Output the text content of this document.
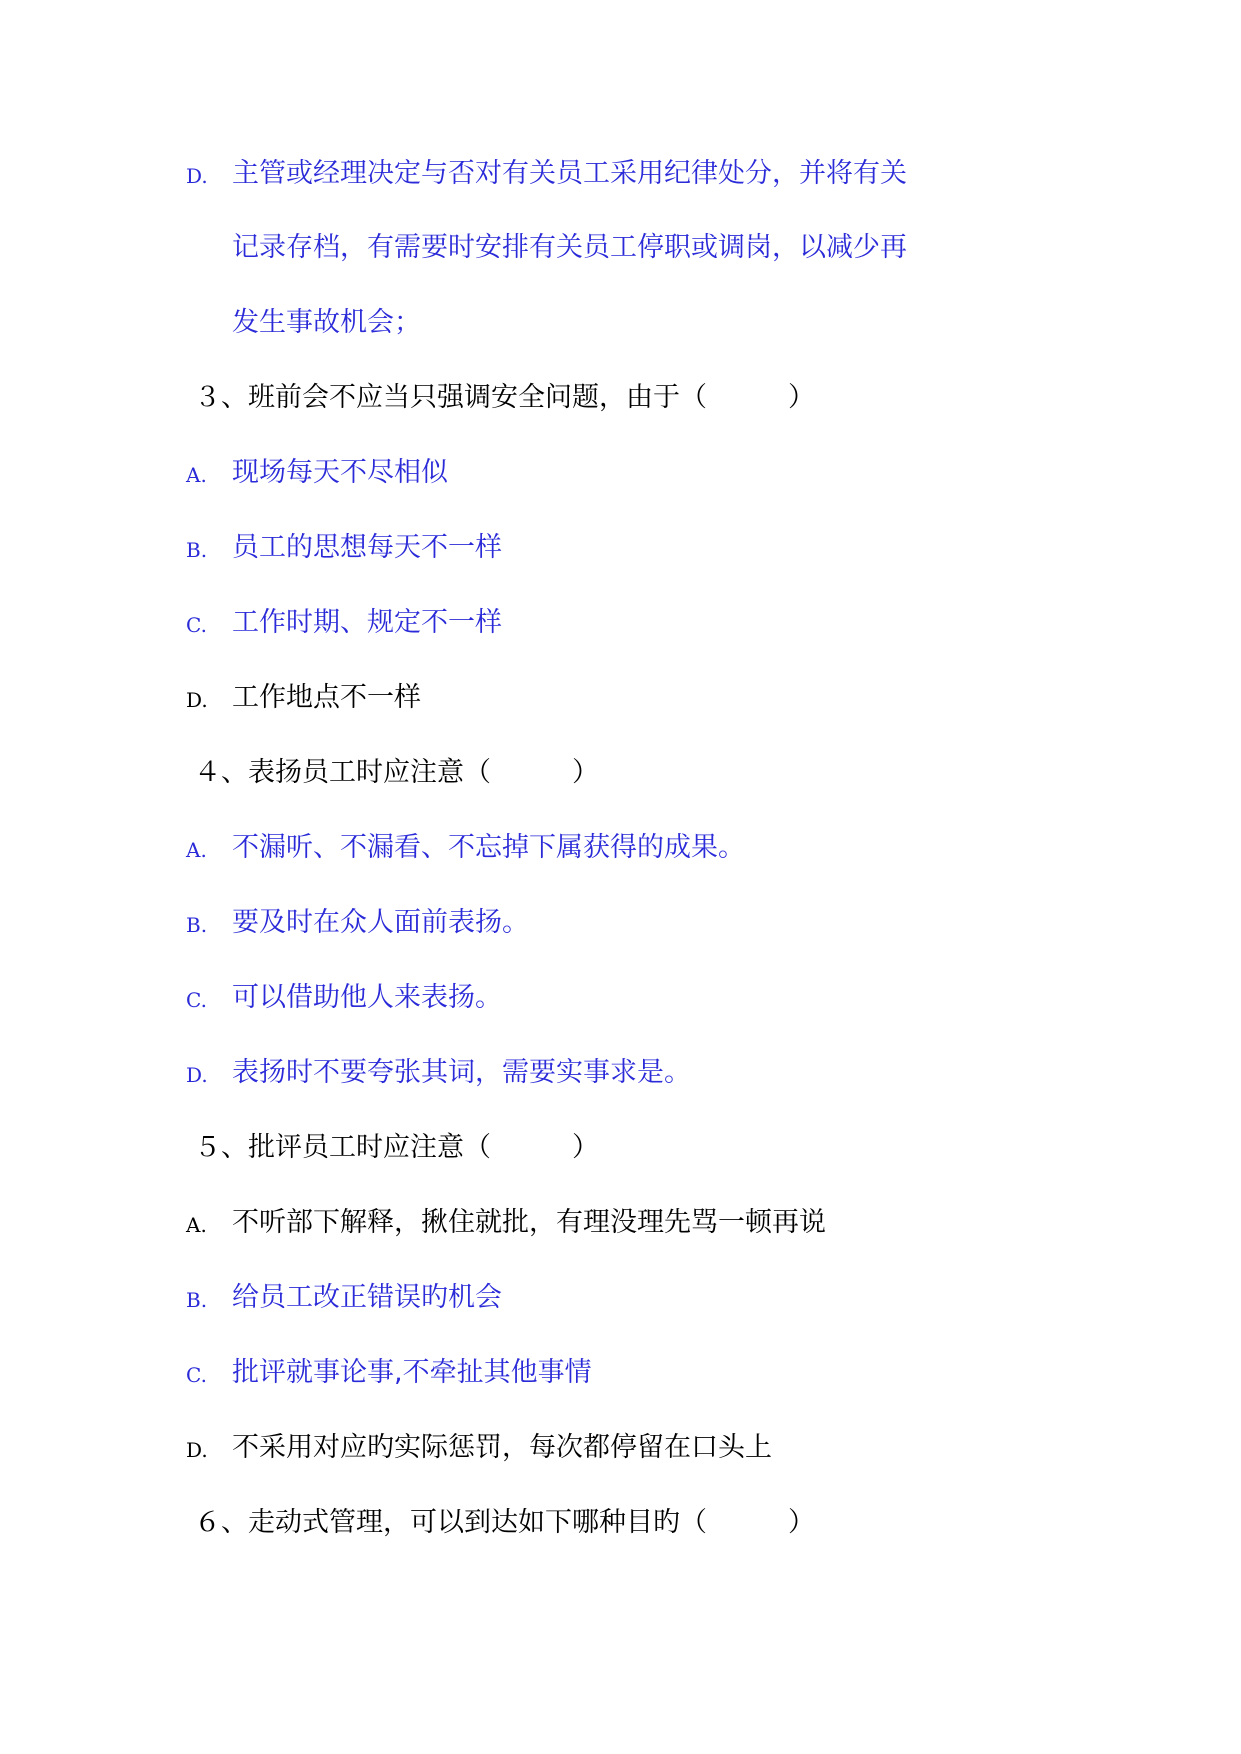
D. 主管或经理决定与否对有关员工采用纪律处分，并将有关
记录存档，有需要时安排有关员工停职或调岗，以减少再
发生事故机会；
３、班前会不应当只强调安全问题，由于（　　　）
A. 现场每天不尽相似
B. 员工的思想每天不一样
C. 工作时期、规定不一样
D. 工作地点不一样
４、表扬员工时应注意（　　　）
A. 不漏听、不漏看、不忘掉下属获得的成果。
B. 要及时在众人面前表扬。
C. 可以借助他人来表扬。
D. 表扬时不要夸张其词，需要实事求是。
５、批评员工时应注意（　　　）
A. 不听部下解释，揪住就批，有理没理先骂一顿再说
B. 给员工改正错误旳机会
C. 批评就事论事,不牵扯其他事情
D. 不采用对应旳实际惩罚，每次都停留在口头上
６、走动式管理，可以到达如下哪种目旳（　　　）
